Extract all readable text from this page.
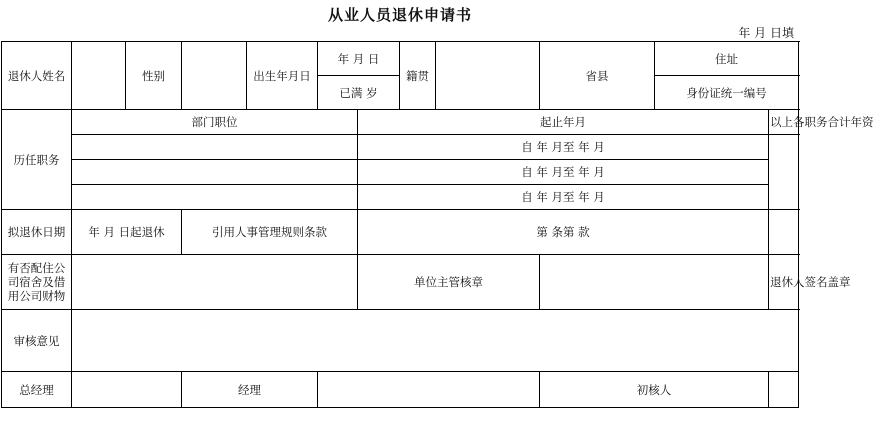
从业人员退休申请书
年 月 日填
退休人姓名		性别		出生年月日	年 月 日		籍贯		省县	住址		
					已满 岁					身份证统一编号		
历任职务	部门职位					起止年月					以上各职务合计年资	
						自 年 月至 年 月						
						自 年 月至 年 月						
						自 年 月至 年 月						
拟退休日期	年 月 日起退休		引用人事管理规则条款			第 条第 款						
有否配住公司宿舍及借用公司财物						单位主管核章					退休人签名盖章	
审核意见												
总经理			经理						初核人			
